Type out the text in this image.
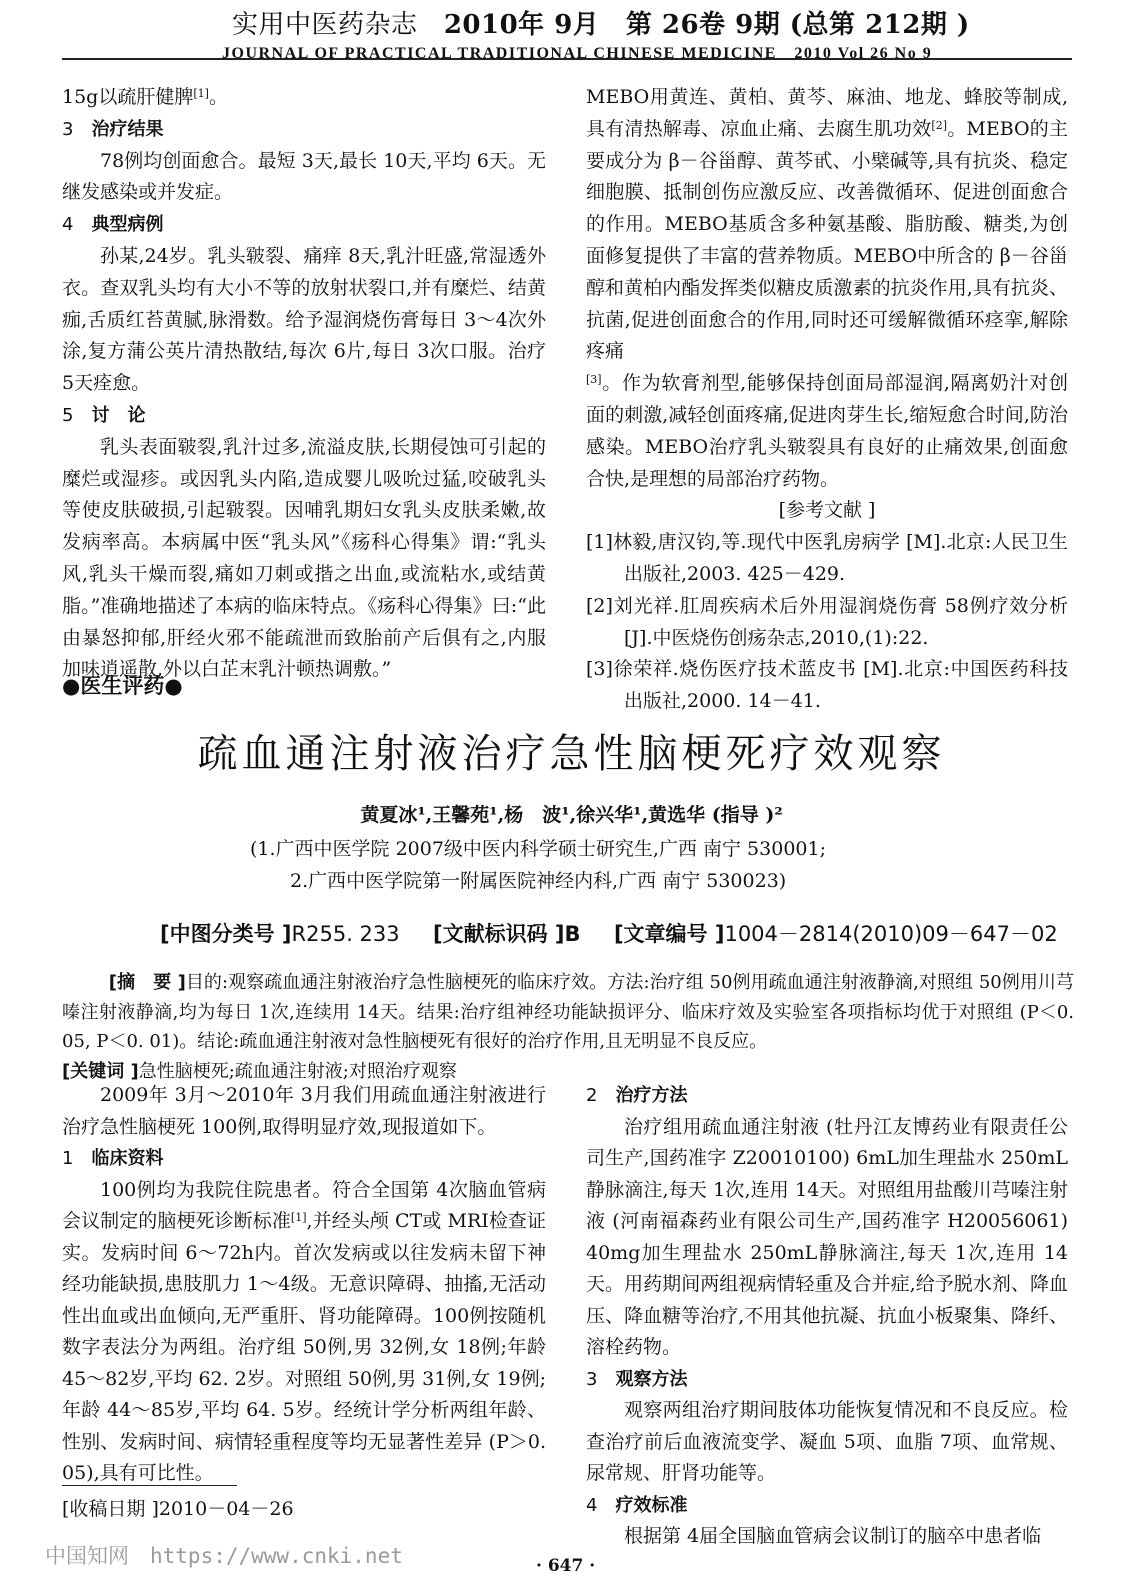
实用中医药杂志 2010年 9月　第 26卷 9期 (总第 212期 )
JOURNAL OF PRACTICAL TRADITIONAL CHINESE MEDICINE　2010 Vol 26 No 9

15g以疏肝健脾[1]。

3 治疗结果

78例均创面愈合。最短 3天,最长 10天,平均 6天。无继发感染或并发症。

4 典型病例

孙某,24岁。乳头皲裂、痛痒 8天,乳汁旺盛,常湿透外衣。查双乳头均有大小不等的放射状裂口,并有糜烂、结黄痂,舌质红苔黄腻,脉滑数。给予湿润烧伤膏每日 3～4次外涂,复方蒲公英片清热散结,每次 6片,每日 3次口服。治疗 5天痊愈。

5 讨　论

乳头表面皲裂,乳汁过多,流溢皮肤,长期侵蚀可引起的糜烂或湿疹。或因乳头内陷,造成婴儿吸吮过猛,咬破乳头等使皮肤破损,引起皲裂。因哺乳期妇女乳头皮肤柔嫩,故发病率高。本病属中医“乳头风”《疡科心得集》谓:“乳头风,乳头干燥而裂,痛如刀刺或揩之出血,或流粘水,或结黄脂。”准确地描述了本病的临床特点。《疡科心得集》曰:“此由暴怒抑郁,肝经火邪不能疏泄而致胎前产后俱有之,内服加味逍遥散,外以白芷末乳汁顿热调敷。”

MEBO用黄连、黄柏、黄芩、麻油、地龙、蜂胶等制成,具有清热解毒、凉血止痛、去腐生肌功效[2]。MEBO的主要成分为 β－谷甾醇、黄芩甙、小檗碱等,具有抗炎、稳定细胞膜、抵制创伤应激反应、改善微循环、促进创面愈合的作用。MEBO基质含多种氨基酸、脂肪酸、糖类,为创面修复提供了丰富的营养物质。MEBO中所含的 β－谷甾醇和黄柏内酯发挥类似糖皮质激素的抗炎作用,具有抗炎、抗菌,促进创面愈合的作用,同时还可缓解微循环痉挛,解除疼痛

[3]。作为软膏剂型,能够保持创面局部湿润,隔离奶汁对创面的刺激,减轻创面疼痛,促进肉芽生长,缩短愈合时间,防治感染。MEBO治疗乳头皲裂具有良好的止痛效果,创面愈合快,是理想的局部治疗药物。

[参考文献 ]

[1]林毅,唐汉钧,等.现代中医乳房病学 [M].北京:人民卫生出版社,2003. 425－429.

[2]刘光祥.肛周疾病术后外用湿润烧伤膏 58例疗效分析 [J].中医烧伤创疡杂志,2010,(1):22.

[3]徐荣祥.烧伤医疗技术蓝皮书 [M].北京:中国医药科技出版社,2000. 14－41.

●医生评药●
疏血通注射液治疗急性脑梗死疗效观察
黄夏冰¹,王馨苑¹,杨　波¹,徐兴华¹,黄选华 (指导 )²
(1.广西中医学院 2007级中医内科学硕士研究生,广西 南宁 530001;
2.广西中医学院第一附属医院神经内科,广西 南宁 530023)
[中图分类号 ]R255. 233 [文献标识码 ]B [文章编号 ]1004－2814(2010)09－647－02

[摘　要 ]目的:观察疏血通注射液治疗急性脑梗死的临床疗效。方法:治疗组 50例用疏血通注射液静滴,对照组 50例用川芎嗪注射液静滴,均为每日 1次,连续用 14天。结果:治疗组神经功能缺损评分、临床疗效及实验室各项指标均优于对照组 (P＜0. 05, P＜0. 01)。结论:疏血通注射液对急性脑梗死有很好的治疗作用,且无明显不良反应。

[关键词 ]急性脑梗死;疏血通注射液;对照治疗观察

2009年 3月～2010年 3月我们用疏血通注射液进行治疗急性脑梗死 100例,取得明显疗效,现报道如下。

1 临床资料

100例均为我院住院患者。符合全国第 4次脑血管病会议制定的脑梗死诊断标准[1],并经头颅 CT或 MRI检查证实。发病时间 6～72h内。首次发病或以往发病未留下神经功能缺损,患肢肌力 1～4级。无意识障碍、抽搐,无活动性出血或出血倾向,无严重肝、肾功能障碍。100例按随机数字表法分为两组。治疗组 50例,男 32例,女 18例;年龄 45～82岁,平均 62. 2岁。对照组 50例,男 31例,女 19例;年龄 44～85岁,平均 64. 5岁。经统计学分析两组年龄、性别、发病时间、病情轻重程度等均无显著性差异 (P＞0. 05),具有可比性。

2 治疗方法

治疗组用疏血通注射液 (牡丹江友博药业有限责任公司生产,国药准字 Z20010100) 6mL加生理盐水 250mL静脉滴注,每天 1次,连用 14天。对照组用盐酸川芎嗪注射液 (河南福森药业有限公司生产,国药准字 H20056061) 40mg加生理盐水 250mL静脉滴注,每天 1次,连用 14天。用药期间两组视病情轻重及合并症,给予脱水剂、降血压、降血糖等治疗,不用其他抗凝、抗血小板聚集、降纤、溶栓药物。

3 观察方法

观察两组治疗期间肢体功能恢复情况和不良反应。检查治疗前后血液流变学、凝血 5项、血脂 7项、血常规、尿常规、肝肾功能等。

4 疗效标准

根据第 4届全国脑血管病会议制订的脑卒中患者临

[收稿日期 ]2010－04－26
中国知网　https://www.cnki.net	· 647 ·
